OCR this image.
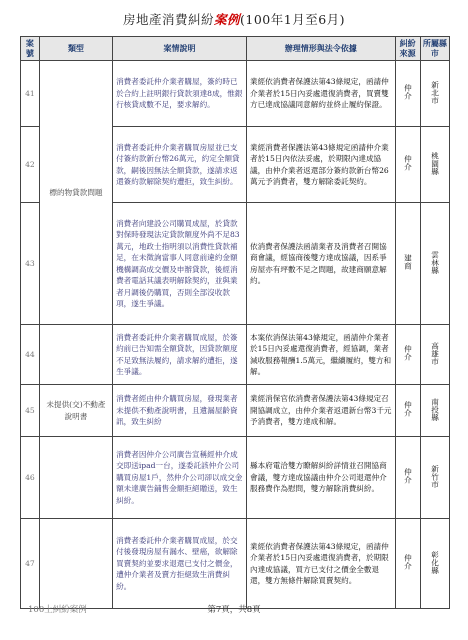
房地產消費糾紛案例(100年1月至6月)
案號	類型	案情說明	辦理情形與法令依據	糾紛來源	所屬縣市
41	標的物貸款問題	消費者委託仲介業者購屋，簽約時已於合約上註明銀行貸款須達8成，惟銀行核貸成數不足，要求解約。	業經依消費者保護法第43條規定，函請仲介業者於15日內妥處還復消費者，買賣雙方已達成協議同意解約並終止履約保證。	仲介	新北市
42		消費者委託仲介業者購買房屋並已支付簽約款新台幣26萬元，約定全額貸款，嗣後因無法全額貸款，遂請求返還簽約款解除契約遭拒，致生糾紛。	業經消費者保護法第43條規定函請仲介業者於15日內依法妥處，於期限內達成協議，由仲介業者返還部分簽約款新台幣26萬元予消費者，雙方解除委託契約。	仲介	桃園縣
43		消費者向建設公司購買成屋，於貸款對保時發現法定貸款額度外尚不足83萬元，地政士指明須以消費性貸款補足，在未徵詢當事人同意前違約金額機構調高成交價及申辦貸款，後經消費者電話其議表明解除契約，並與業者月調後仍購買，否則全部沒收款項，遂生爭議。	依消費者保護法函請業者及消費者召開協商會議，經協商後雙方達成協議，因系爭房屋亦有坪數不足之問題，故建商願意解約。	建商	雲林縣
44		消費者委託仲介業者購買成屋，於簽約前已告知需全額貸款，因貸款額度不足致無法履約，請求解約遭拒，遂生爭議。	本案依消保法第43條規定，函請仲介業者於15日內妥處還復消費者，經協調，業者減收服務報酬1.5萬元，繼續履約，雙方和解。	仲介	高雄市
45	未提供(交)不動產說明書	消費者經由仲介購買房屋，發現業者未提供不動產說明書，且遺漏屋齡資訊，致生糾紛	業經消保官依消費者保護法第43條規定召開協調成立，由仲介業者返還新台幣3千元予消費者，雙方達成和解。	仲介	南投縣
46		消費者因仲介公司廣告宣稱經仲介成交即送ipad一台，遂委託該仲介公司購買房屋1戶，然仲介公司卻以成交金額未達廣告鋪售金額拒絕贈送，致生糾紛。	縣本府電洽雙方瞭解糾紛詳情並召開協商會議，雙方達成協議由仲介公司退還仲介服務費作為慰問，雙方解除消費糾紛。	仲介	新竹市
47		消費者委託仲介業者購買成屋，於交付後發現房屋有漏水、壁癌，欲解除買賣契約並要求退還已支付之價金，遭仲介業者及賣方拒絕致生消費糾紛。	業經依消費者保護法第43條規定，函請仲介業者於15日內妥處還復消費者，於期限內達成協議，買方已支付之價金全數退還，雙方無條件解除買賣契約。	仲介	彰化縣
100上糾紛案例	第7頁，共8頁
